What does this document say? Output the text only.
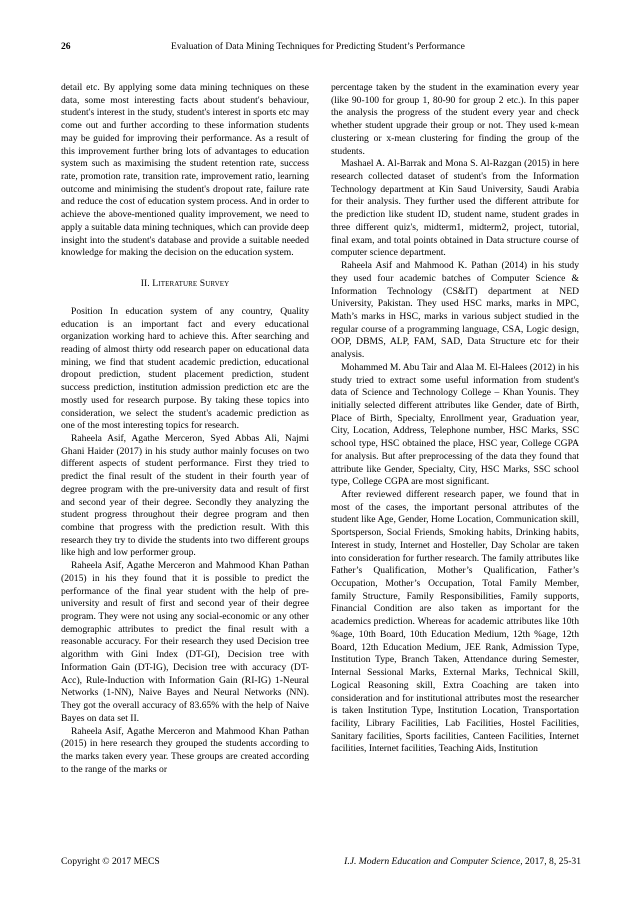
26	Evaluation of Data Mining Techniques for Predicting Student’s Performance

detail etc. By applying some data mining techniques on these data, some most interesting facts about student's behaviour, student's interest in the study, student's interest in sports etc may come out and further according to these information students may be guided for improving their performance. As a result of this improvement further bring lots of advantages to education system such as maximising the student retention rate, success rate, promotion rate, transition rate, improvement ratio, learning outcome and minimising the student's dropout rate, failure rate and reduce the cost of education system process. And in order to achieve the above-mentioned quality improvement, we need to apply a suitable data mining techniques, which can provide deep insight into the student's database and provide a suitable needed knowledge for making the decision on the education system.

II. Literature Survey

Position In education system of any country, Quality education is an important fact and every educational organization working hard to achieve this. After searching and reading of almost thirty odd research paper on educational data mining, we find that student academic prediction, educational dropout prediction, student placement prediction, student success prediction, institution admission prediction etc are the mostly used for research purpose. By taking these topics into consideration, we select the student's academic prediction as one of the most interesting topics for research.

Raheela Asif, Agathe Merceron, Syed Abbas Ali, Najmi Ghani Haider (2017) in his study author mainly focuses on two different aspects of student performance. First they tried to predict the final result of the student in their fourth year of degree program with the pre-university data and result of first and second year of their degree. Secondly they analyzing the student progress throughout their degree program and then combine that progress with the prediction result. With this research they try to divide the students into two different groups like high and low performer group.

Raheela Asif, Agathe Merceron and Mahmood Khan Pathan (2015) in his they found that it is possible to predict the performance of the final year student with the help of pre-university and result of first and second year of their degree program. They were not using any social-economic or any other demographic attributes to predict the final result with a reasonable accuracy. For their research they used Decision tree algorithm with Gini Index (DT-GI), Decision tree with Information Gain (DT-IG), Decision tree with accuracy (DT-Acc), Rule-Induction with Information Gain (RI-IG) 1-Neural Networks (1-NN), Naive Bayes and Neural Networks (NN). They got the overall accuracy of 83.65% with the help of Naive Bayes on data set II.

Raheela Asif, Agathe Merceron and Mahmood Khan Pathan (2015) in here research they grouped the students according to the marks taken every year. These groups are created according to the range of the marks or

percentage taken by the student in the examination every year (like 90-100 for group 1, 80-90 for group 2 etc.). In this paper the analysis the progress of the student every year and check whether student upgrade their group or not. They used k-mean clustering or x-mean clustering for finding the group of the students.

Mashael A. Al-Barrak and Mona S. Al-Razgan (2015) in here research collected dataset of student's from the Information Technology department at Kin Saud University, Saudi Arabia for their analysis. They further used the different attribute for the prediction like student ID, student name, student grades in three different quiz's, midterm1, midterm2, project, tutorial, final exam, and total points obtained in Data structure course of computer science department.

Raheela Asif and Mahmood K. Pathan (2014) in his study they used four academic batches of Computer Science & Information Technology (CS&IT) department at NED University, Pakistan. They used HSC marks, marks in MPC, Math’s marks in HSC, marks in various subject studied in the regular course of a programming language, CSA, Logic design, OOP, DBMS, ALP, FAM, SAD, Data Structure etc for their analysis.

Mohammed M. Abu Tair and Alaa M. El-Halees (2012) in his study tried to extract some useful information from student's data of Science and Technology College – Khan Younis. They initially selected different attributes like Gender, date of Birth, Place of Birth, Specialty, Enrollment year, Graduation year, City, Location, Address, Telephone number, HSC Marks, SSC school type, HSC obtained the place, HSC year, College CGPA for analysis. But after preprocessing of the data they found that attribute like Gender, Specialty, City, HSC Marks, SSC school type, College CGPA are most significant.

After reviewed different research paper, we found that in most of the cases, the important personal attributes of the student like Age, Gender, Home Location, Communication skill, Sportsperson, Social Friends, Smoking habits, Drinking habits, Interest in study, Internet and Hosteller, Day Scholar are taken into consideration for further research. The family attributes like Father’s Qualification, Mother’s Qualification, Father’s Occupation, Mother’s Occupation, Total Family Member, family Structure, Family Responsibilities, Family supports, Financial Condition are also taken as important for the academics prediction. Whereas for academic attributes like 10th %age, 10th Board, 10th Education Medium, 12th %age, 12th Board, 12th Education Medium, JEE Rank, Admission Type, Institution Type, Branch Taken, Attendance during Semester, Internal Sessional Marks, External Marks, Technical Skill, Logical Reasoning skill, Extra Coaching are taken into consideration and for institutional attributes most the researcher is taken Institution Type, Institution Location, Transportation facility, Library Facilities, Lab Facilities, Hostel Facilities, Sanitary facilities, Sports facilities, Canteen Facilities, Internet facilities, Internet facilities, Teaching Aids, Institution

Copyright © 2017 MECS	I.J. Modern Education and Computer Science, 2017, 8, 25-31
